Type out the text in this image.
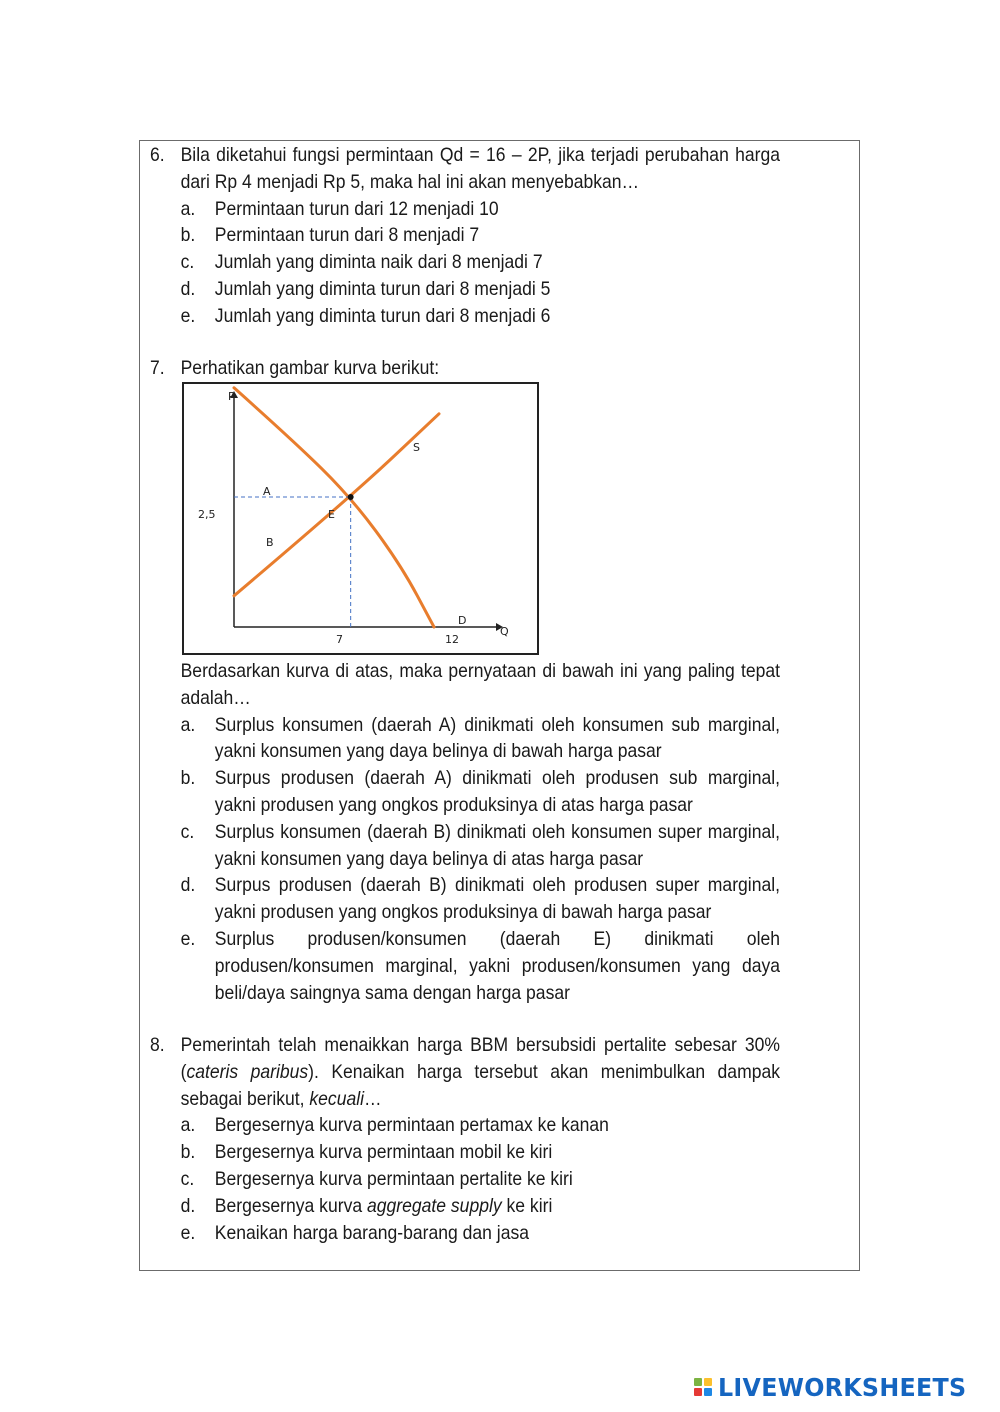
6. Bila diketahui fungsi permintaan Qd = 16 – 2P, jika terjadi perubahan harga dari Rp 4 menjadi Rp 5, maka hal ini akan menyebabkan…
a. Permintaan turun dari 12 menjadi 10
b. Permintaan turun dari 8 menjadi 7
c. Jumlah yang diminta naik dari 8 menjadi 7
d. Jumlah yang diminta turun dari 8 menjadi 5
e. Jumlah yang diminta turun dari 8 menjadi 6
7. Perhatikan gambar kurva berikut:
P
Q
2,5
7	12
A
B
E
S
D
Berdasarkan kurva di atas, maka pernyataan di bawah ini yang paling tepat adalah…
a. Surplus konsumen (daerah A) dinikmati oleh konsumen sub marginal, yakni konsumen yang daya belinya di bawah harga pasar
b. Surpus produsen (daerah A) dinikmati oleh produsen sub marginal, yakni produsen yang ongkos produksinya di atas harga pasar
c. Surplus konsumen (daerah B) dinikmati oleh konsumen super marginal, yakni konsumen yang daya belinya di atas harga pasar
d. Surpus produsen (daerah B) dinikmati oleh produsen super marginal, yakni produsen yang ongkos produksinya di bawah harga pasar
e. Surplus produsen/konsumen (daerah E) dinikmati oleh produsen/konsumen marginal, yakni produsen/konsumen yang daya beli/daya saingnya sama dengan harga pasar
8. Pemerintah telah menaikkan harga BBM bersubsidi pertalite sebesar 30% (cateris paribus). Kenaikan harga tersebut akan menimbulkan dampak sebagai berikut, kecuali…
a. Bergesernya kurva permintaan pertamax ke kanan
b. Bergesernya kurva permintaan mobil ke kiri
c. Bergesernya kurva permintaan pertalite ke kiri
d. Bergesernya kurva aggregate supply ke kiri
e. Kenaikan harga barang-barang dan jasa
LIVEWORKSHEETS
